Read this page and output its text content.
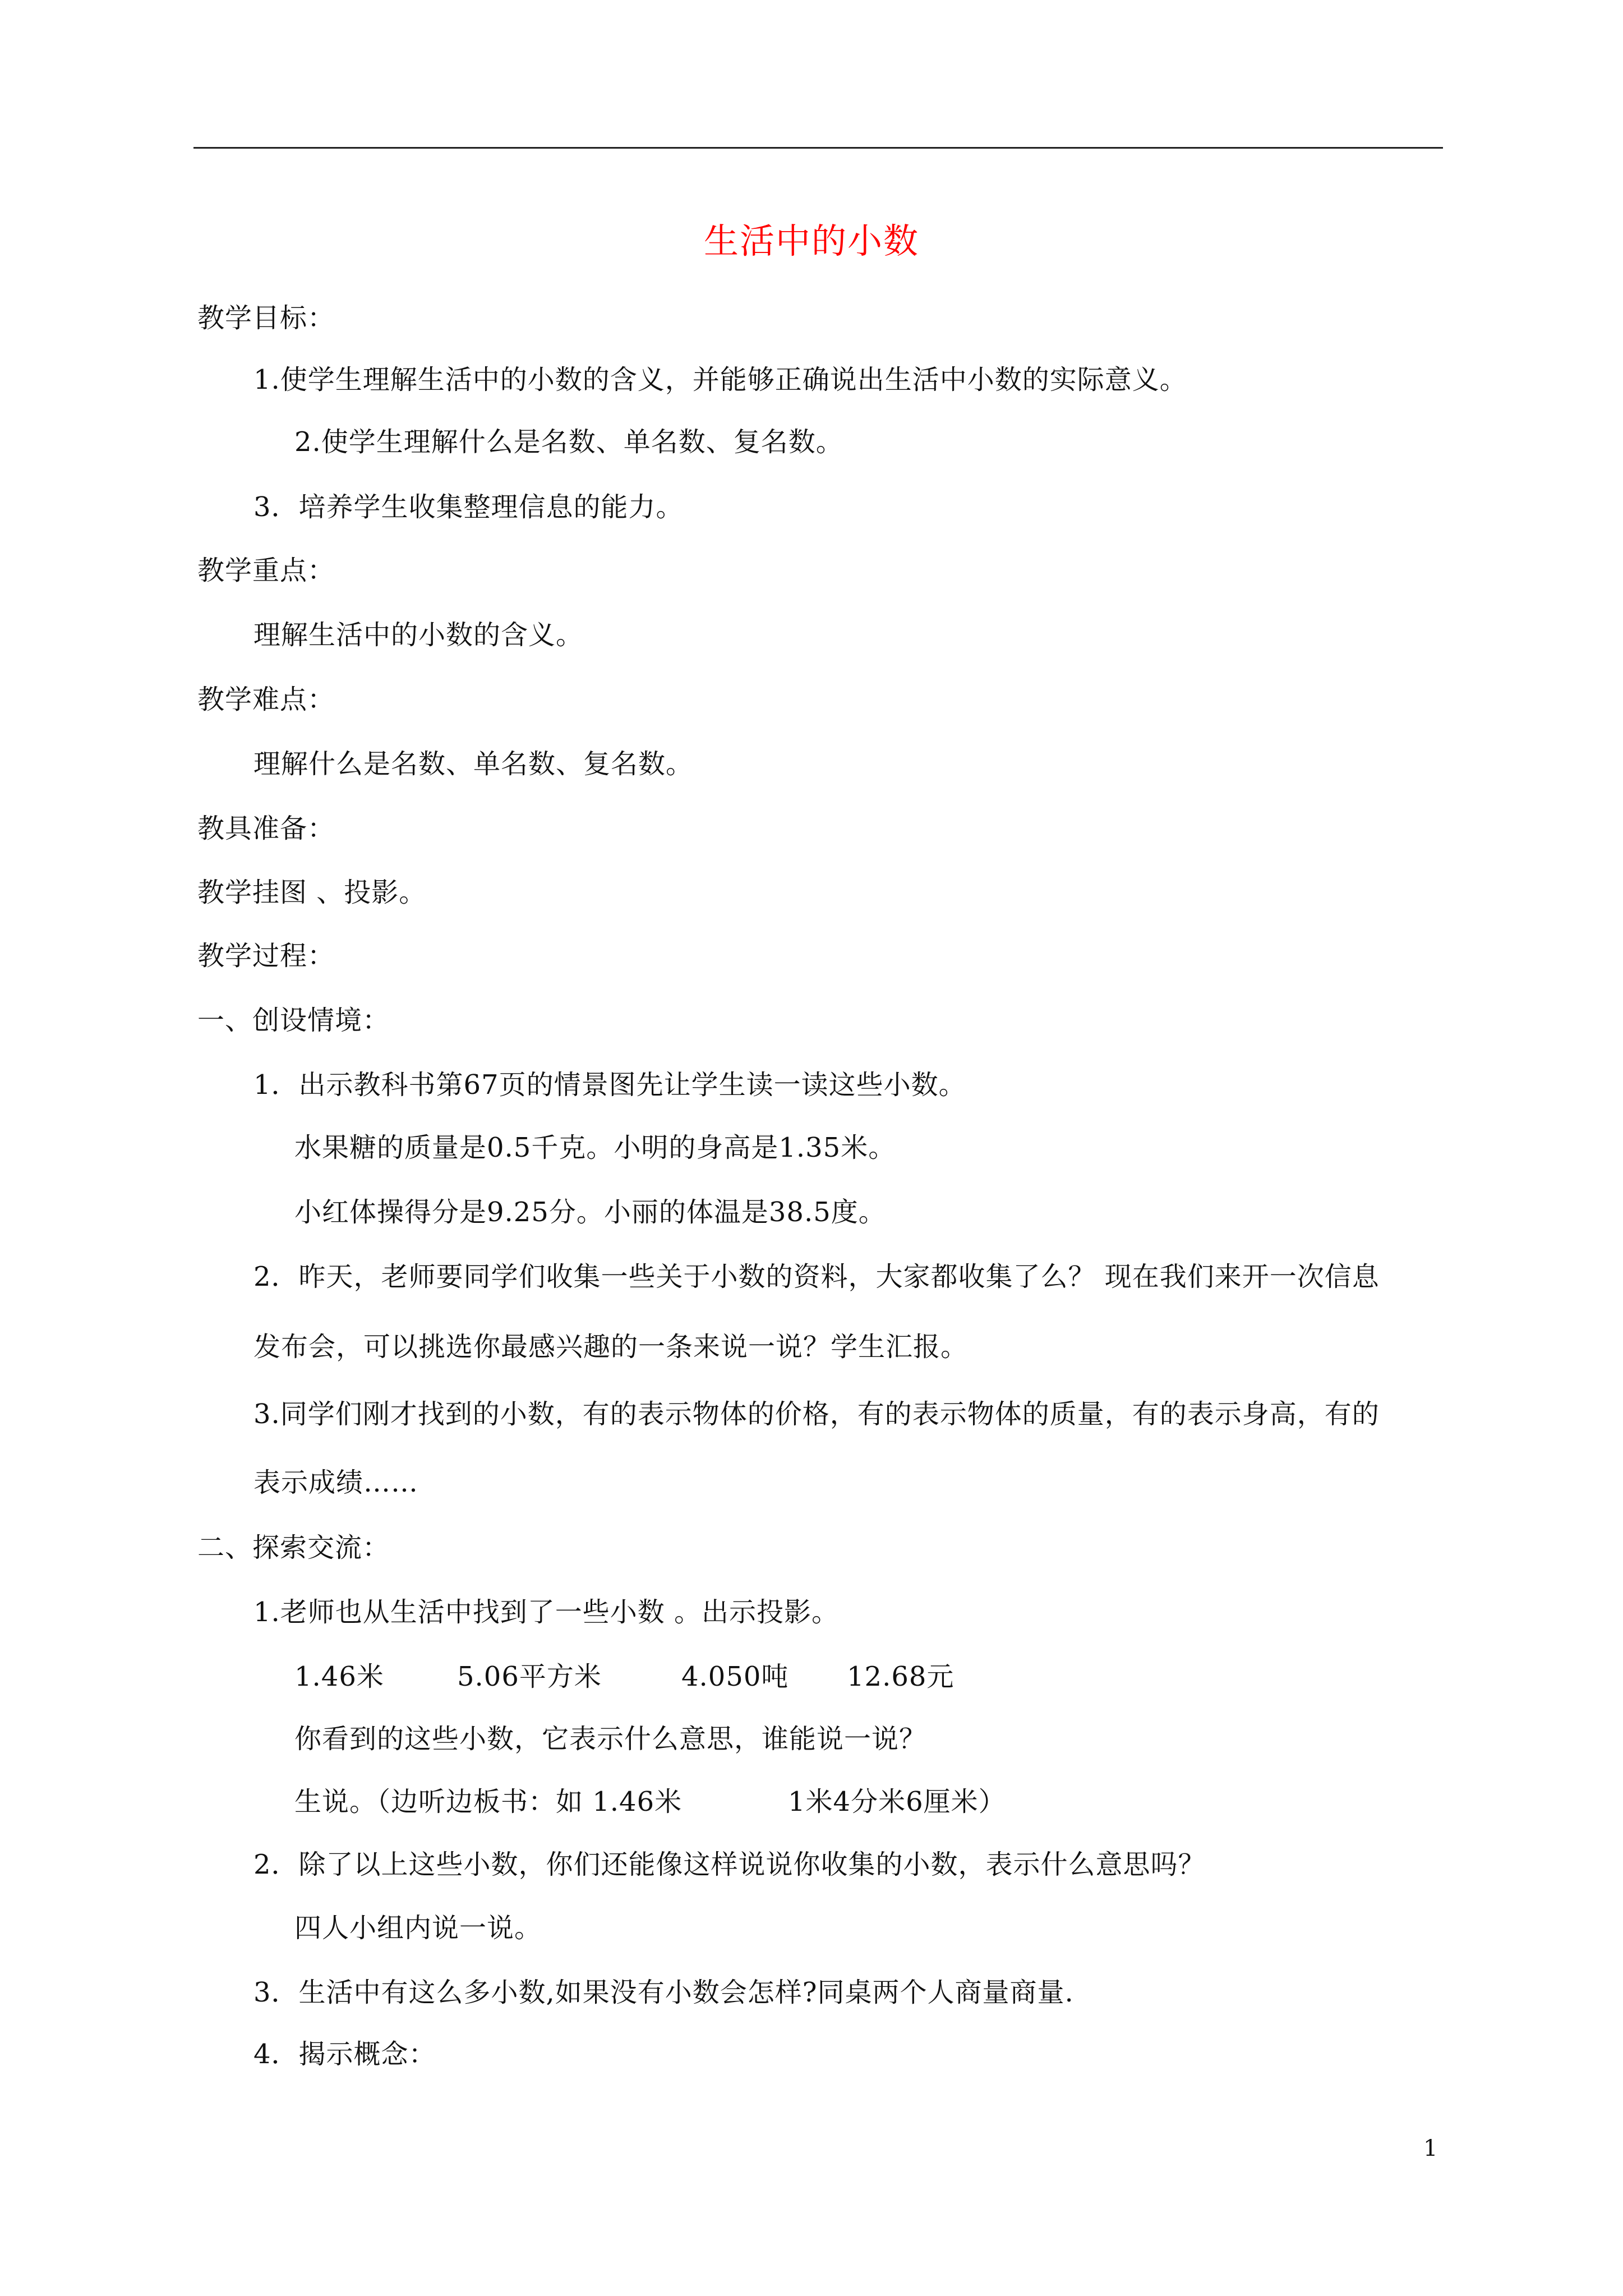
生活中的小数
教学目标：
1.使学生理解生活中的小数的含义，并能够正确说出生活中小数的实际意义。
2.使学生理解什么是名数、单名数、复名数。
3．培养学生收集整理信息的能力。
教学重点：
理解生活中的小数的含义。
教学难点：
理解什么是名数、单名数、复名数。
教具准备：
教学挂图 、投影。
教学过程：
一、创设情境：
1．出示教科书第67页的情景图先让学生读一读这些小数。
水果糖的质量是0.5千克。小明的身高是1.35米。
小红体操得分是9.25分。小丽的体温是38.5度。
2．昨天，老师要同学们收集一些关于小数的资料，大家都收集了么？ 现在我们来开一次信息
发布会，可以挑选你最感兴趣的一条来说一说？学生汇报。
3.同学们刚才找到的小数，有的表示物体的价格，有的表示物体的质量，有的表示身高，有的
表示成绩……
二、探索交流：
1.老师也从生活中找到了一些小数 。出示投影。
1.46米	5.06平方米	4.050吨 12.68元
你看到的这些小数，它表示什么意思，谁能说一说？
生说。（边听边板书：如 1.46米	1米4分米6厘米）
2．除了以上这些小数，你们还能像这样说说你收集的小数，表示什么意思吗？
四人小组内说一说。
3．生活中有这么多小数,如果没有小数会怎样?同桌两个人商量商量.
4．揭示概念：
1
